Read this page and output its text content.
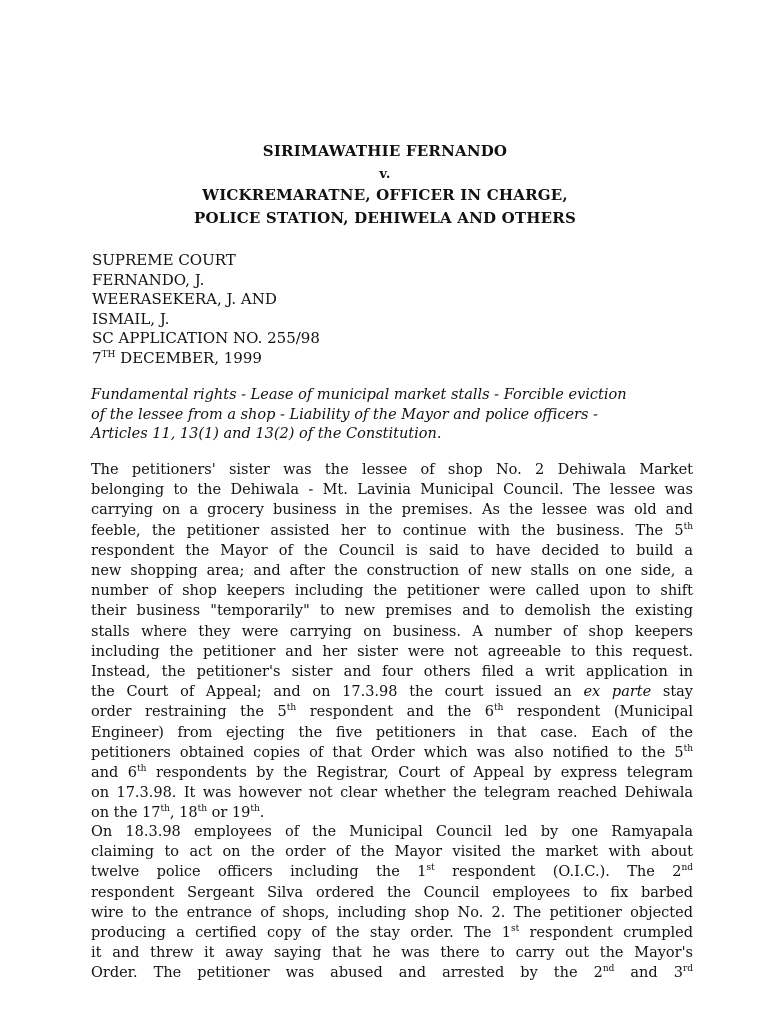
SIRIMAWATHIE FERNANDO
v.
WICKREMARATNE, OFFICER IN CHARGE,
POLICE STATION, DEHIWELA AND OTHERS
SUPREME COURT
FERNANDO, J.
WEERASEKERA, J. AND
ISMAIL, J.
SC APPLICATION NO. 255/98
7TH DECEMBER, 1999
Fundamental rights - Lease of municipal market stalls - Forcible eviction
of the lessee from a shop - Liability of the Mayor and police officers -
Articles 11, 13(1) and 13(2) of the Constitution.
The petitioners' sister was the lessee of shop No. 2 Dehiwala Market
belonging to the Dehiwala - Mt. Lavinia Municipal Council. The lessee was
carrying on a grocery business in the premises. As the lessee was old and
feeble, the petitioner assisted her to continue with the business. The 5th
respondent the Mayor of the Council is said to have decided to build a
new shopping area; and after the construction of new stalls on one side, a
number of shop keepers including the petitioner were called upon to shift
their business "temporarily" to new premises and to demolish the existing
stalls where they were carrying on business. A number of shop keepers
including the petitioner and her sister were not agreeable to this request.
Instead, the petitioner's sister and four others filed a writ application in
the Court of Appeal; and on 17.3.98 the court issued an ex parte stay
order restraining the 5th respondent and the 6th respondent (Municipal
Engineer) from ejecting the five petitioners in that case. Each of the
petitioners obtained copies of that Order which was also notified to the 5th
and 6th respondents by the Registrar, Court of Appeal by express telegram
on 17.3.98. It was however not clear whether the telegram reached Dehiwala
on the 17th, 18th or 19th.
On 18.3.98 employees of the Municipal Council led by one Ramyapala
claiming to act on the order of the Mayor visited the market with about
twelve police officers including the 1st respondent (O.I.C.). The 2nd
respondent Sergeant Silva ordered the Council employees to fix barbed
wire to the entrance of shops, including shop No. 2. The petitioner objected
producing a certified copy of the stay order. The 1st respondent crumpled
it and threw it away saying that he was there to carry out the Mayor's
Order. The petitioner was abused and arrested by the 2nd and 3rd
